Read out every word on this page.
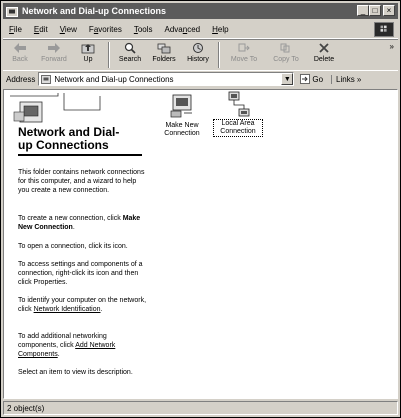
Network and Dial-up Connections	_ □	×
File	Edit	View	Favorites	Tools	Advanced	Help
Back Forward Up	Search Folders History	Move To Copy To Delete
»
Address	Network and Dial-up Connections	▼	Go	Links »
Network and Dial-
up Connections
This folder contains network connections for this computer, and a wizard to help you create a new connection.
To create a new connection, click Make New Connection.
To open a connection, click its icon.
To access settings and components of a connection, right-click its icon and then click Properties.
To identify your computer on the network, click Network Identification.
To add additional networking components, click Add Network Components.
Select an item to view its description.
Make New Connection
Local Area Connection
2 object(s)
